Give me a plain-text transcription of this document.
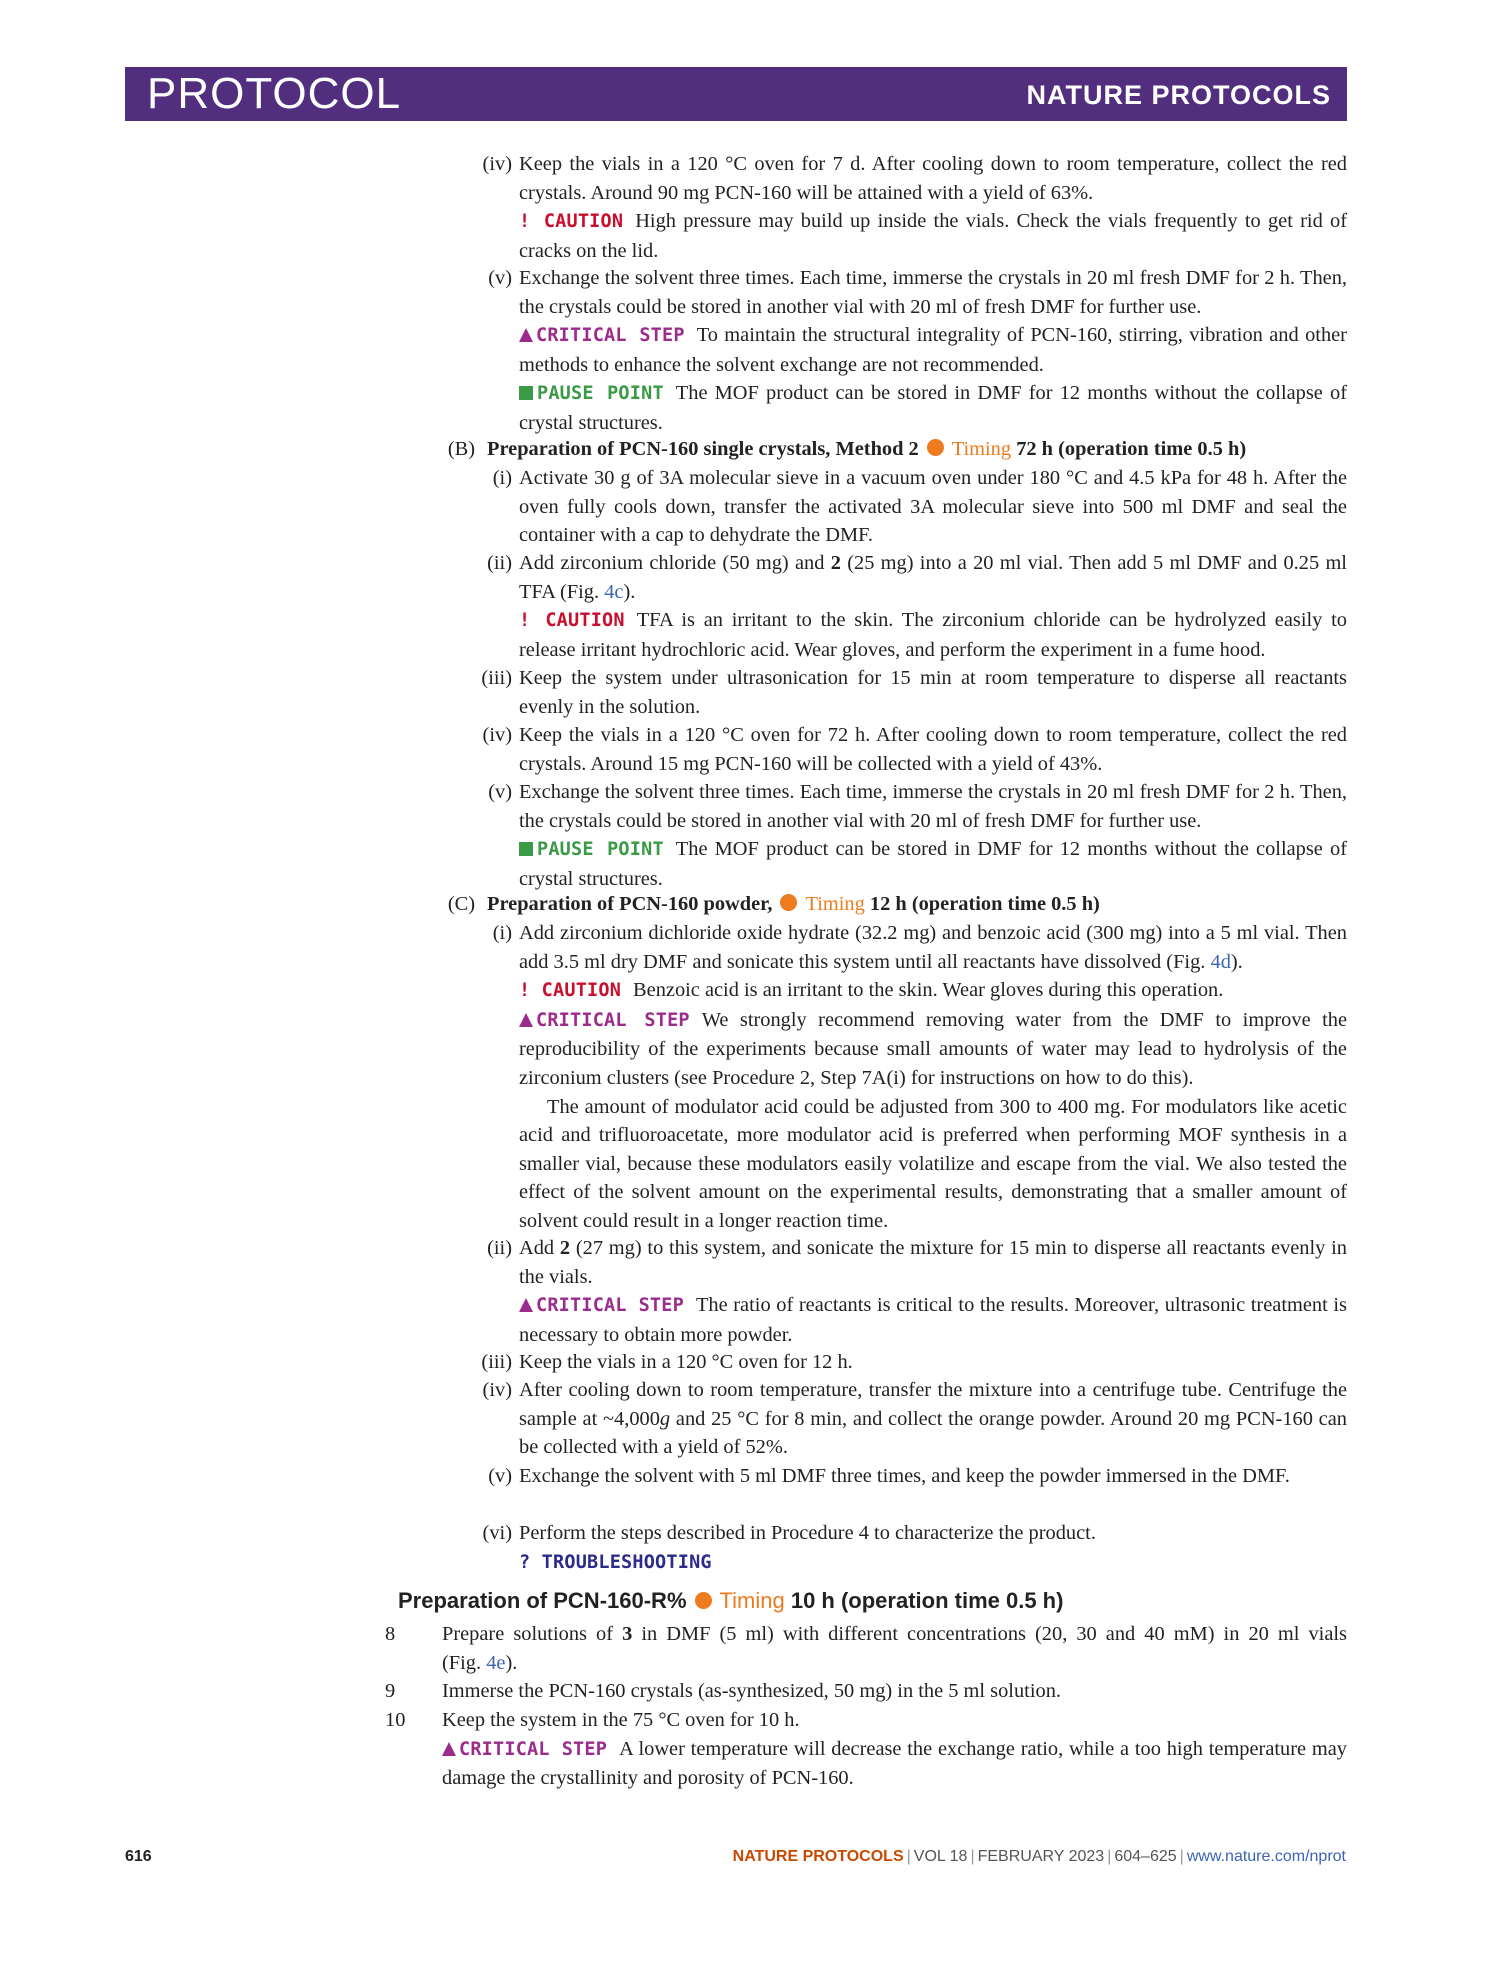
PROTOCOL	NATURE PROTOCOLS
(iv) Keep the vials in a 120 °C oven for 7 d. After cooling down to room temperature, collect the red crystals. Around 90 mg PCN-160 will be attained with a yield of 63%.
! CAUTION High pressure may build up inside the vials. Check the vials frequently to get rid of cracks on the lid.
(v) Exchange the solvent three times. Each time, immerse the crystals in 20 ml fresh DMF for 2 h. Then, the crystals could be stored in another vial with 20 ml of fresh DMF for further use.
CRITICAL STEP To maintain the structural integrality of PCN-160, stirring, vibration and other methods to enhance the solvent exchange are not recommended.
PAUSE POINT The MOF product can be stored in DMF for 12 months without the collapse of crystal structures.
(B) Preparation of PCN-160 single crystals, Method 2 Timing 72 h (operation time 0.5 h)
(i) Activate 30 g of 3A molecular sieve in a vacuum oven under 180 °C and 4.5 kPa for 48 h. After the oven fully cools down, transfer the activated 3A molecular sieve into 500 ml DMF and seal the container with a cap to dehydrate the DMF.
(ii) Add zirconium chloride (50 mg) and 2 (25 mg) into a 20 ml vial. Then add 5 ml DMF and 0.25 ml TFA (Fig. 4c).
! CAUTION TFA is an irritant to the skin. The zirconium chloride can be hydrolyzed easily to release irritant hydrochloric acid. Wear gloves, and perform the experiment in a fume hood.
(iii) Keep the system under ultrasonication for 15 min at room temperature to disperse all reactants evenly in the solution.
(iv) Keep the vials in a 120 °C oven for 72 h. After cooling down to room temperature, collect the red crystals. Around 15 mg PCN-160 will be collected with a yield of 43%.
(v) Exchange the solvent three times. Each time, immerse the crystals in 20 ml fresh DMF for 2 h. Then, the crystals could be stored in another vial with 20 ml of fresh DMF for further use.
PAUSE POINT The MOF product can be stored in DMF for 12 months without the collapse of crystal structures.
(C) Preparation of PCN-160 powder, Timing 12 h (operation time 0.5 h)
(i) Add zirconium dichloride oxide hydrate (32.2 mg) and benzoic acid (300 mg) into a 5 ml vial. Then add 3.5 ml dry DMF and sonicate this system until all reactants have dissolved (Fig. 4d).
! CAUTION Benzoic acid is an irritant to the skin. Wear gloves during this operation.
CRITICAL STEP We strongly recommend removing water from the DMF to improve the reproducibility of the experiments because small amounts of water may lead to hydrolysis of the zirconium clusters (see Procedure 2, Step 7A(i) for instructions on how to do this).
The amount of modulator acid could be adjusted from 300 to 400 mg. For modulators like acetic acid and trifluoroacetate, more modulator acid is preferred when performing MOF synthesis in a smaller vial, because these modulators easily volatilize and escape from the vial. We also tested the effect of the solvent amount on the experimental results, demonstrating that a smaller amount of solvent could result in a longer reaction time.
(ii) Add 2 (27 mg) to this system, and sonicate the mixture for 15 min to disperse all reactants evenly in the vials.
CRITICAL STEP The ratio of reactants is critical to the results. Moreover, ultrasonic treatment is necessary to obtain more powder.
(iii) Keep the vials in a 120 °C oven for 12 h.
(iv) After cooling down to room temperature, transfer the mixture into a centrifuge tube. Centrifuge the sample at ~4,000g and 25 °C for 8 min, and collect the orange powder. Around 20 mg PCN-160 can be collected with a yield of 52%.
(v) Exchange the solvent with 5 ml DMF three times, and keep the powder immersed in the DMF.
(vi) Perform the steps described in Procedure 4 to characterize the product.
? TROUBLESHOOTING
Preparation of PCN-160-R% Timing 10 h (operation time 0.5 h)
8	Prepare solutions of 3 in DMF (5 ml) with different concentrations (20, 30 and 40 mM) in 20 ml vials (Fig. 4e).
9	Immerse the PCN-160 crystals (as-synthesized, 50 mg) in the 5 ml solution.
10	Keep the system in the 75 °C oven for 10 h.
CRITICAL STEP A lower temperature will decrease the exchange ratio, while a too high temperature may damage the crystallinity and porosity of PCN-160.
616	NATURE PROTOCOLS | VOL 18 | FEBRUARY 2023 | 604–625 | www.nature.com/nprot
